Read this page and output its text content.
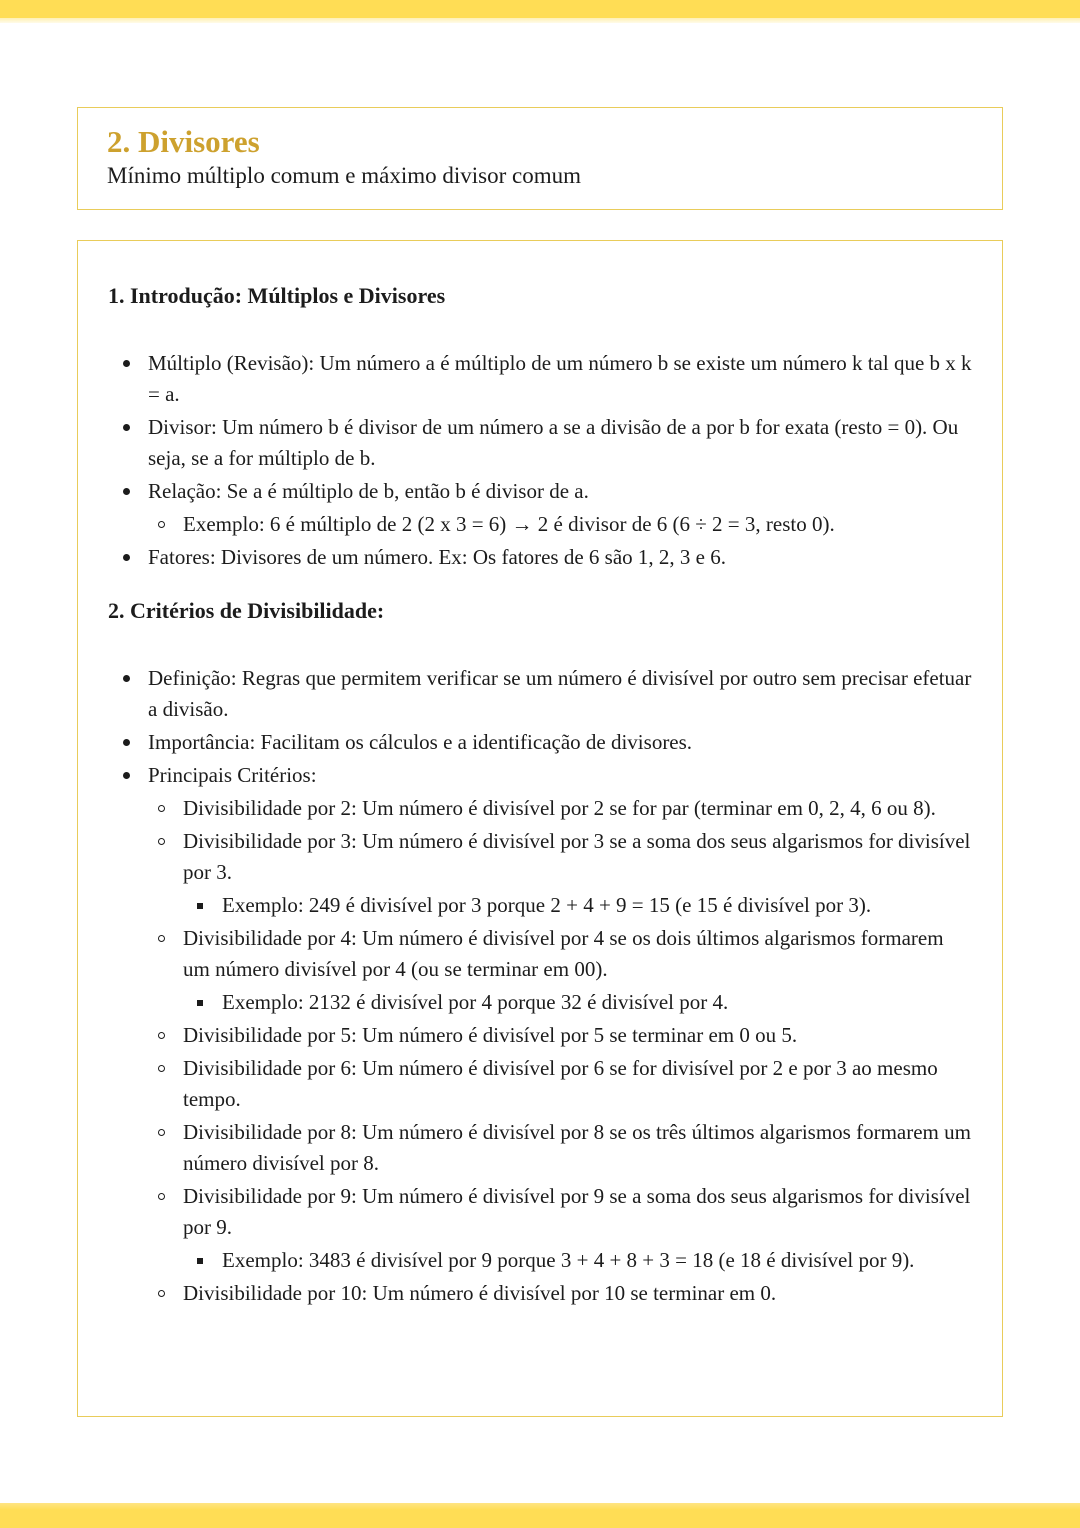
2. Divisores
Mínimo múltiplo comum e máximo divisor comum
1. Introdução: Múltiplos e Divisores
Múltiplo (Revisão): Um número a é múltiplo de um número b se existe um número k tal que b x k = a.
Divisor: Um número b é divisor de um número a se a divisão de a por b for exata (resto = 0). Ou seja, se a for múltiplo de b.
Relação: Se a é múltiplo de b, então b é divisor de a.
Exemplo: 6 é múltiplo de 2 (2 x 3 = 6) → 2 é divisor de 6 (6 ÷ 2 = 3, resto 0).
Fatores: Divisores de um número. Ex: Os fatores de 6 são 1, 2, 3 e 6.
2. Critérios de Divisibilidade:
Definição: Regras que permitem verificar se um número é divisível por outro sem precisar efetuar a divisão.
Importância: Facilitam os cálculos e a identificação de divisores.
Principais Critérios:
Divisibilidade por 2: Um número é divisível por 2 se for par (terminar em 0, 2, 4, 6 ou 8).
Divisibilidade por 3: Um número é divisível por 3 se a soma dos seus algarismos for divisível por 3.
Exemplo: 249 é divisível por 3 porque 2 + 4 + 9 = 15 (e 15 é divisível por 3).
Divisibilidade por 4: Um número é divisível por 4 se os dois últimos algarismos formarem um número divisível por 4 (ou se terminar em 00).
Exemplo: 2132 é divisível por 4 porque 32 é divisível por 4.
Divisibilidade por 5: Um número é divisível por 5 se terminar em 0 ou 5.
Divisibilidade por 6: Um número é divisível por 6 se for divisível por 2 e por 3 ao mesmo tempo.
Divisibilidade por 8: Um número é divisível por 8 se os três últimos algarismos formarem um número divisível por 8.
Divisibilidade por 9: Um número é divisível por 9 se a soma dos seus algarismos for divisível por 9.
Exemplo: 3483 é divisível por 9 porque 3 + 4 + 8 + 3 = 18 (e 18 é divisível por 9).
Divisibilidade por 10: Um número é divisível por 10 se terminar em 0.
